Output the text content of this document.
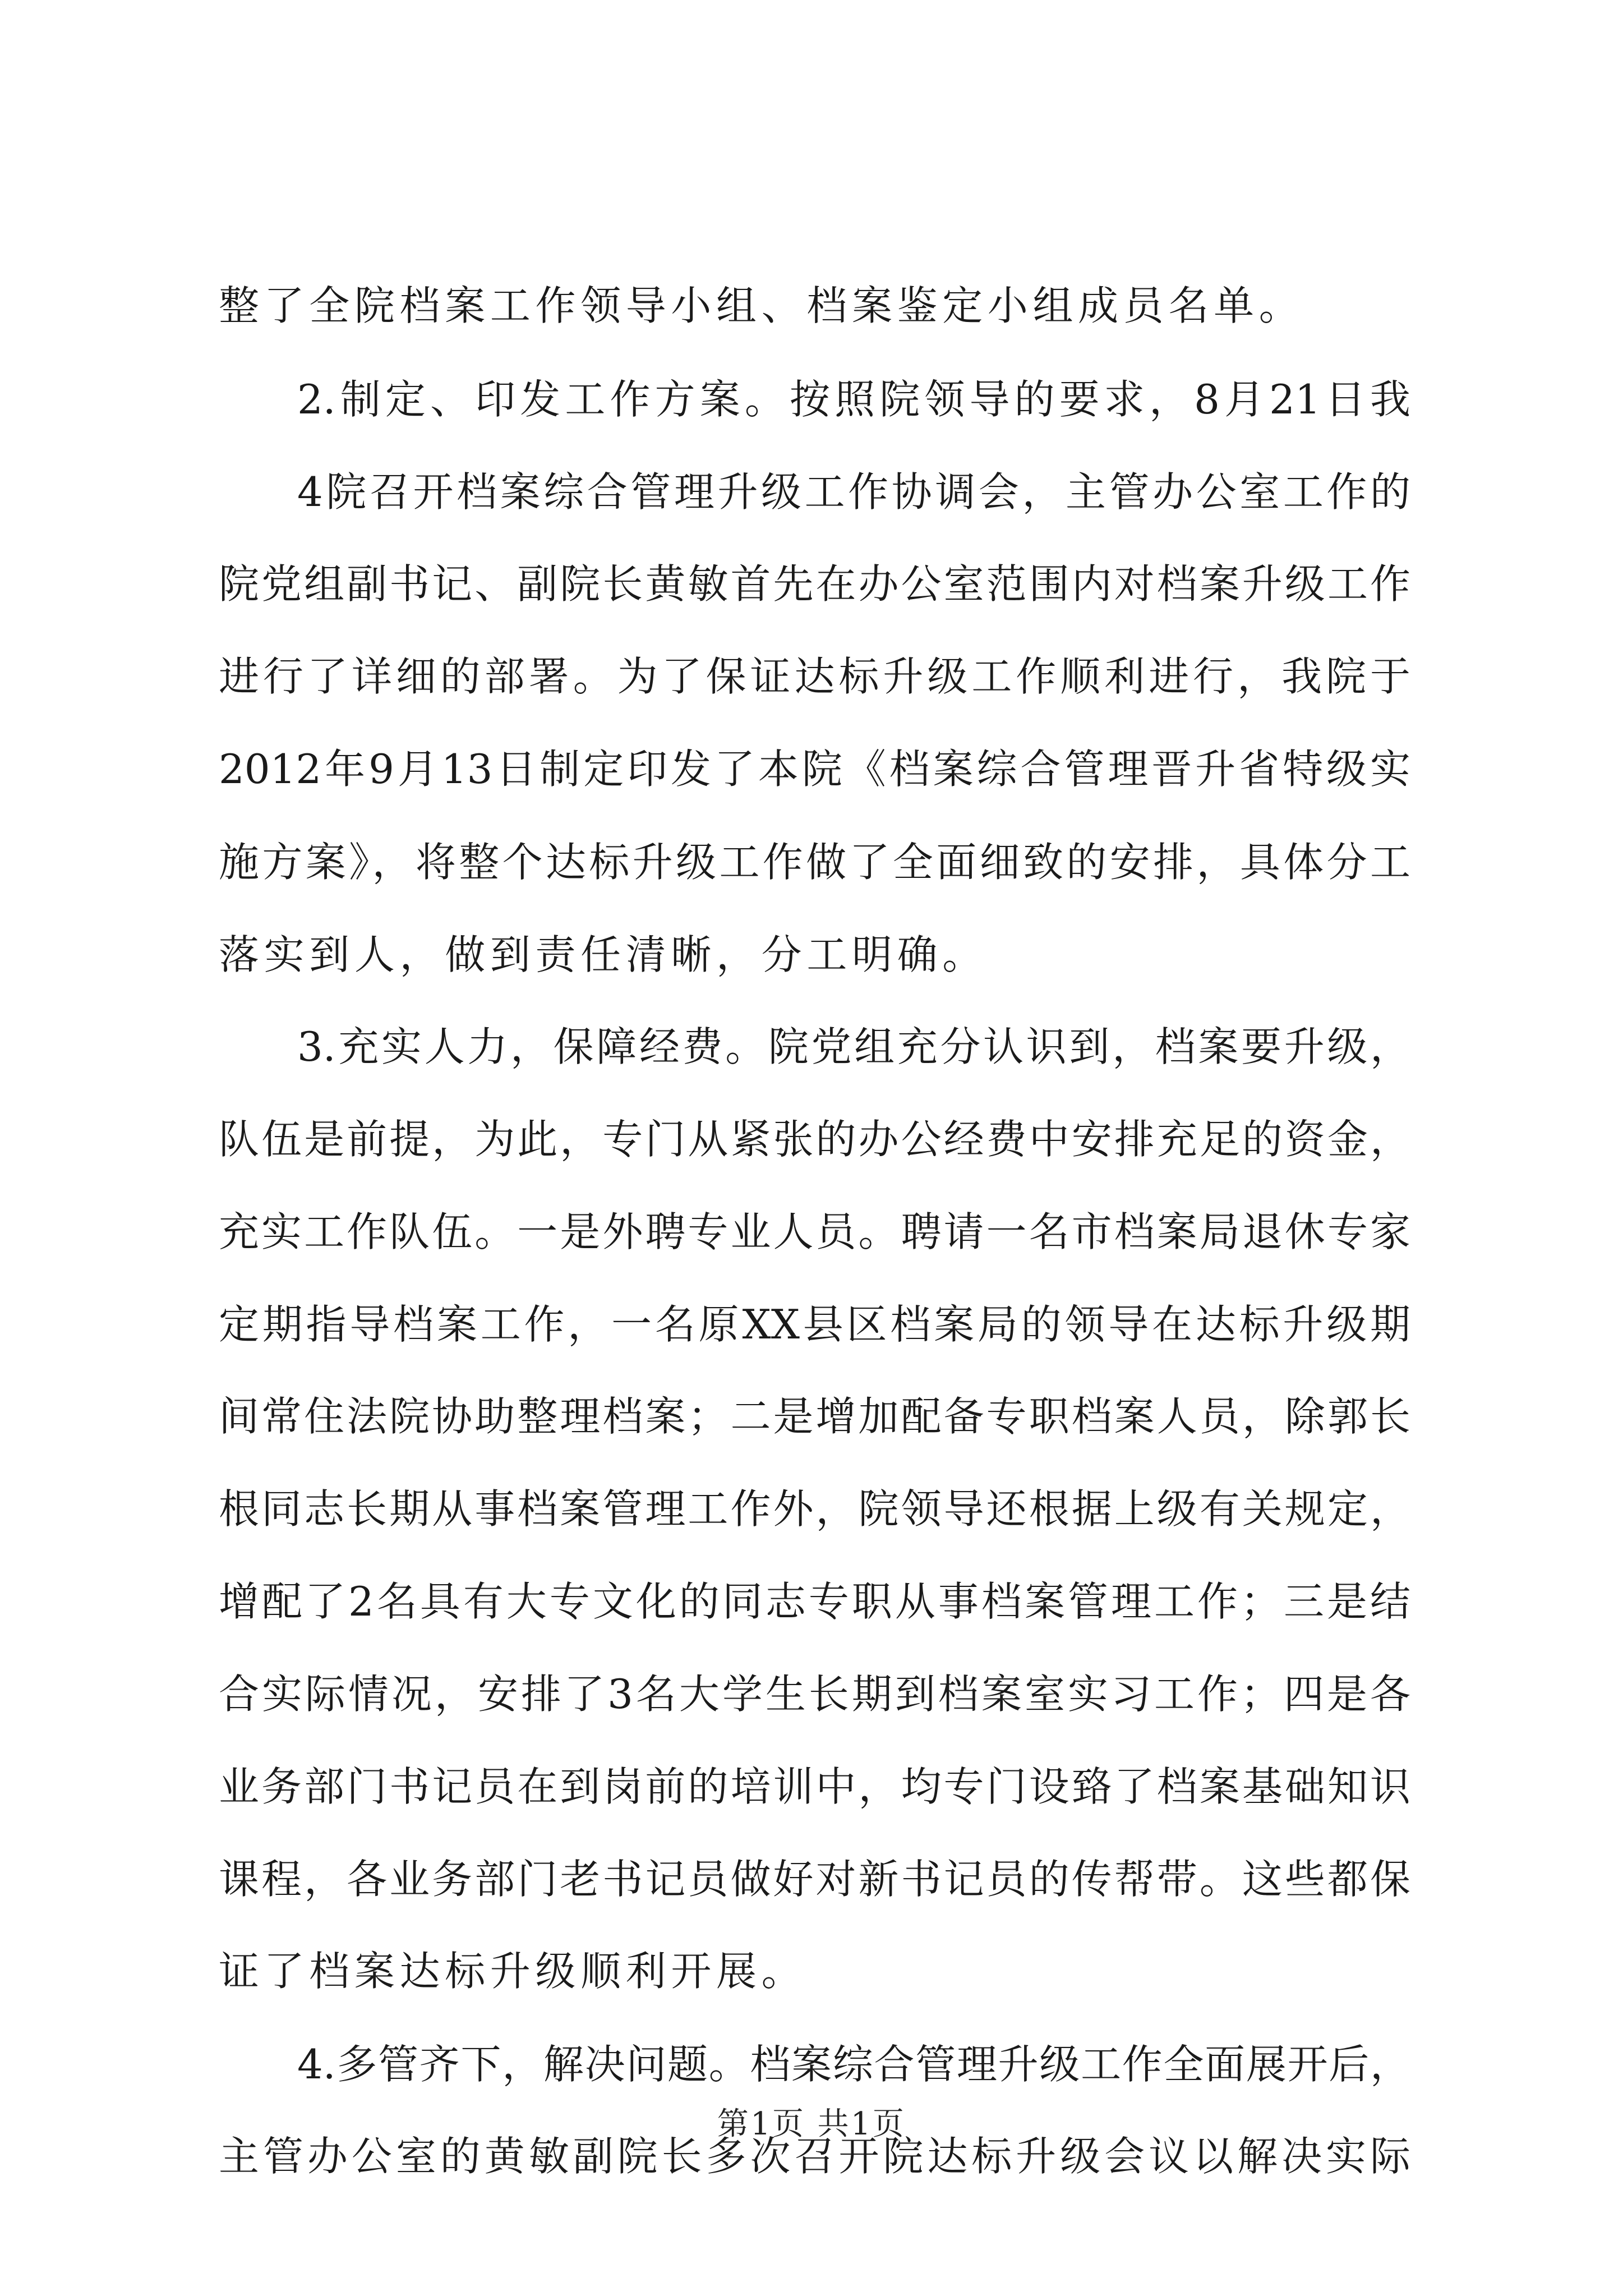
整了全院档案工作领导小组、档案鉴定小组成员名单。
2.制定、印发工作方案。按照院领导的要求，8月21日我
4院召开档案综合管理升级工作协调会，主管办公室工作的
院党组副书记、副院长黄敏首先在办公室范围内对档案升级工作
进行了详细的部署。为了保证达标升级工作顺利进行，我院于
2012年9月13日制定印发了本院《档案综合管理晋升省特级实
施方案》，将整个达标升级工作做了全面细致的安排，具体分工
落实到人，做到责任清晰，分工明确。
3.充实人力，保障经费。院党组充分认识到，档案要升级，
队伍是前提，为此，专门从紧张的办公经费中安排充足的资金，
充实工作队伍。一是外聘专业人员。聘请一名市档案局退休专家
定期指导档案工作，一名原XX县区档案局的领导在达标升级期
间常住法院协助整理档案；二是增加配备专职档案人员，除郭长
根同志长期从事档案管理工作外，院领导还根据上级有关规定，
增配了2名具有大专文化的同志专职从事档案管理工作；三是结
合实际情况，安排了3名大学生长期到档案室实习工作；四是各
业务部门书记员在到岗前的培训中，均专门设臵了档案基础知识
课程，各业务部门老书记员做好对新书记员的传帮带。这些都保
证了档案达标升级顺利开展。
4.多管齐下，解决问题。档案综合管理升级工作全面展开后，
主管办公室的黄敏副院长多次召开院达标升级会议以解决实际
第1页 共1页
